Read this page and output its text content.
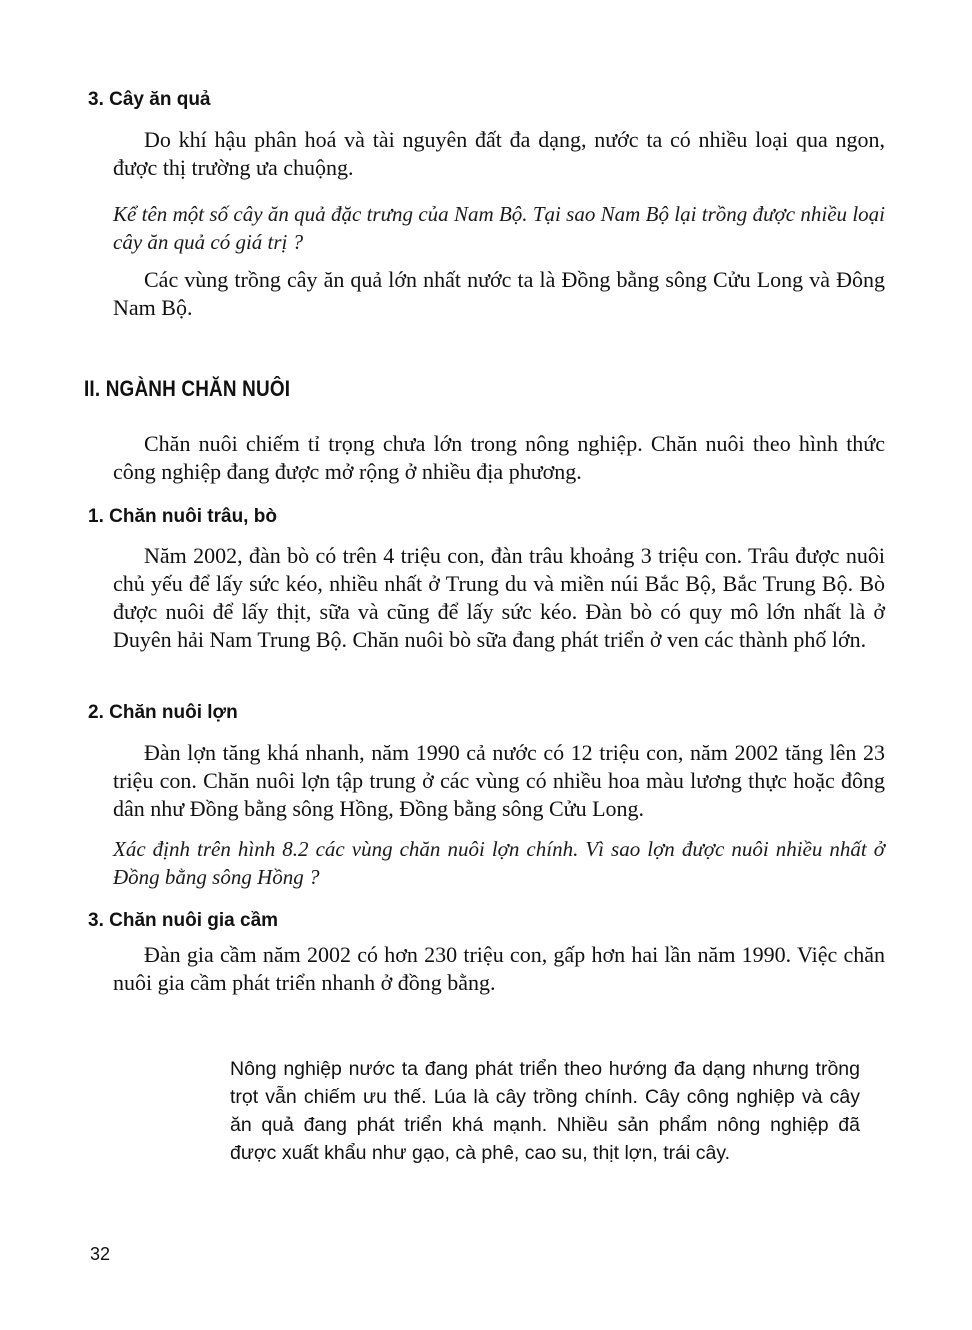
3. Cây ăn quả

Do khí hậu phân hoá và tài nguyên đất đa dạng, nước ta có nhiều loại qua ngon, được thị trường ưa chuộng.

Kể tên một số cây ăn quả đặc trưng của Nam Bộ. Tại sao Nam Bộ lại trồng được nhiều loại cây ăn quả có giá trị ?

Các vùng trồng cây ăn quả lớn nhất nước ta là Đồng bằng sông Cửu Long và Đông Nam Bộ.

II. NGÀNH CHĂN NUÔI

Chăn nuôi chiếm tỉ trọng chưa lớn trong nông nghiệp. Chăn nuôi theo hình thức công nghiệp đang được mở rộng ở nhiều địa phương.

1. Chăn nuôi trâu, bò

Năm 2002, đàn bò có trên 4 triệu con, đàn trâu khoảng 3 triệu con. Trâu được nuôi chủ yếu để lấy sức kéo, nhiều nhất ở Trung du và miền núi Bắc Bộ, Bắc Trung Bộ. Bò được nuôi để lấy thịt, sữa và cũng để lấy sức kéo. Đàn bò có quy mô lớn nhất là ở Duyên hải Nam Trung Bộ. Chăn nuôi bò sữa đang phát triển ở ven các thành phố lớn.

2. Chăn nuôi lợn

Đàn lợn tăng khá nhanh, năm 1990 cả nước có 12 triệu con, năm 2002 tăng lên 23 triệu con. Chăn nuôi lợn tập trung ở các vùng có nhiều hoa màu lương thực hoặc đông dân như Đồng bằng sông Hồng, Đồng bằng sông Cửu Long.

Xác định trên hình 8.2 các vùng chăn nuôi lợn chính. Vì sao lợn được nuôi nhiều nhất ở Đồng bằng sông Hồng ?

3. Chăn nuôi gia cầm

Đàn gia cầm năm 2002 có hơn 230 triệu con, gấp hơn hai lần năm 1990. Việc chăn nuôi gia cầm phát triển nhanh ở đồng bằng.

Nông nghiệp nước ta đang phát triển theo hướng đa dạng nhưng trồng trọt vẫn chiếm ưu thế. Lúa là cây trồng chính. Cây công nghiệp và cây ăn quả đang phát triển khá mạnh. Nhiều sản phẩm nông nghiệp đã được xuất khẩu như gạo, cà phê, cao su, thịt lợn, trái cây.

32
